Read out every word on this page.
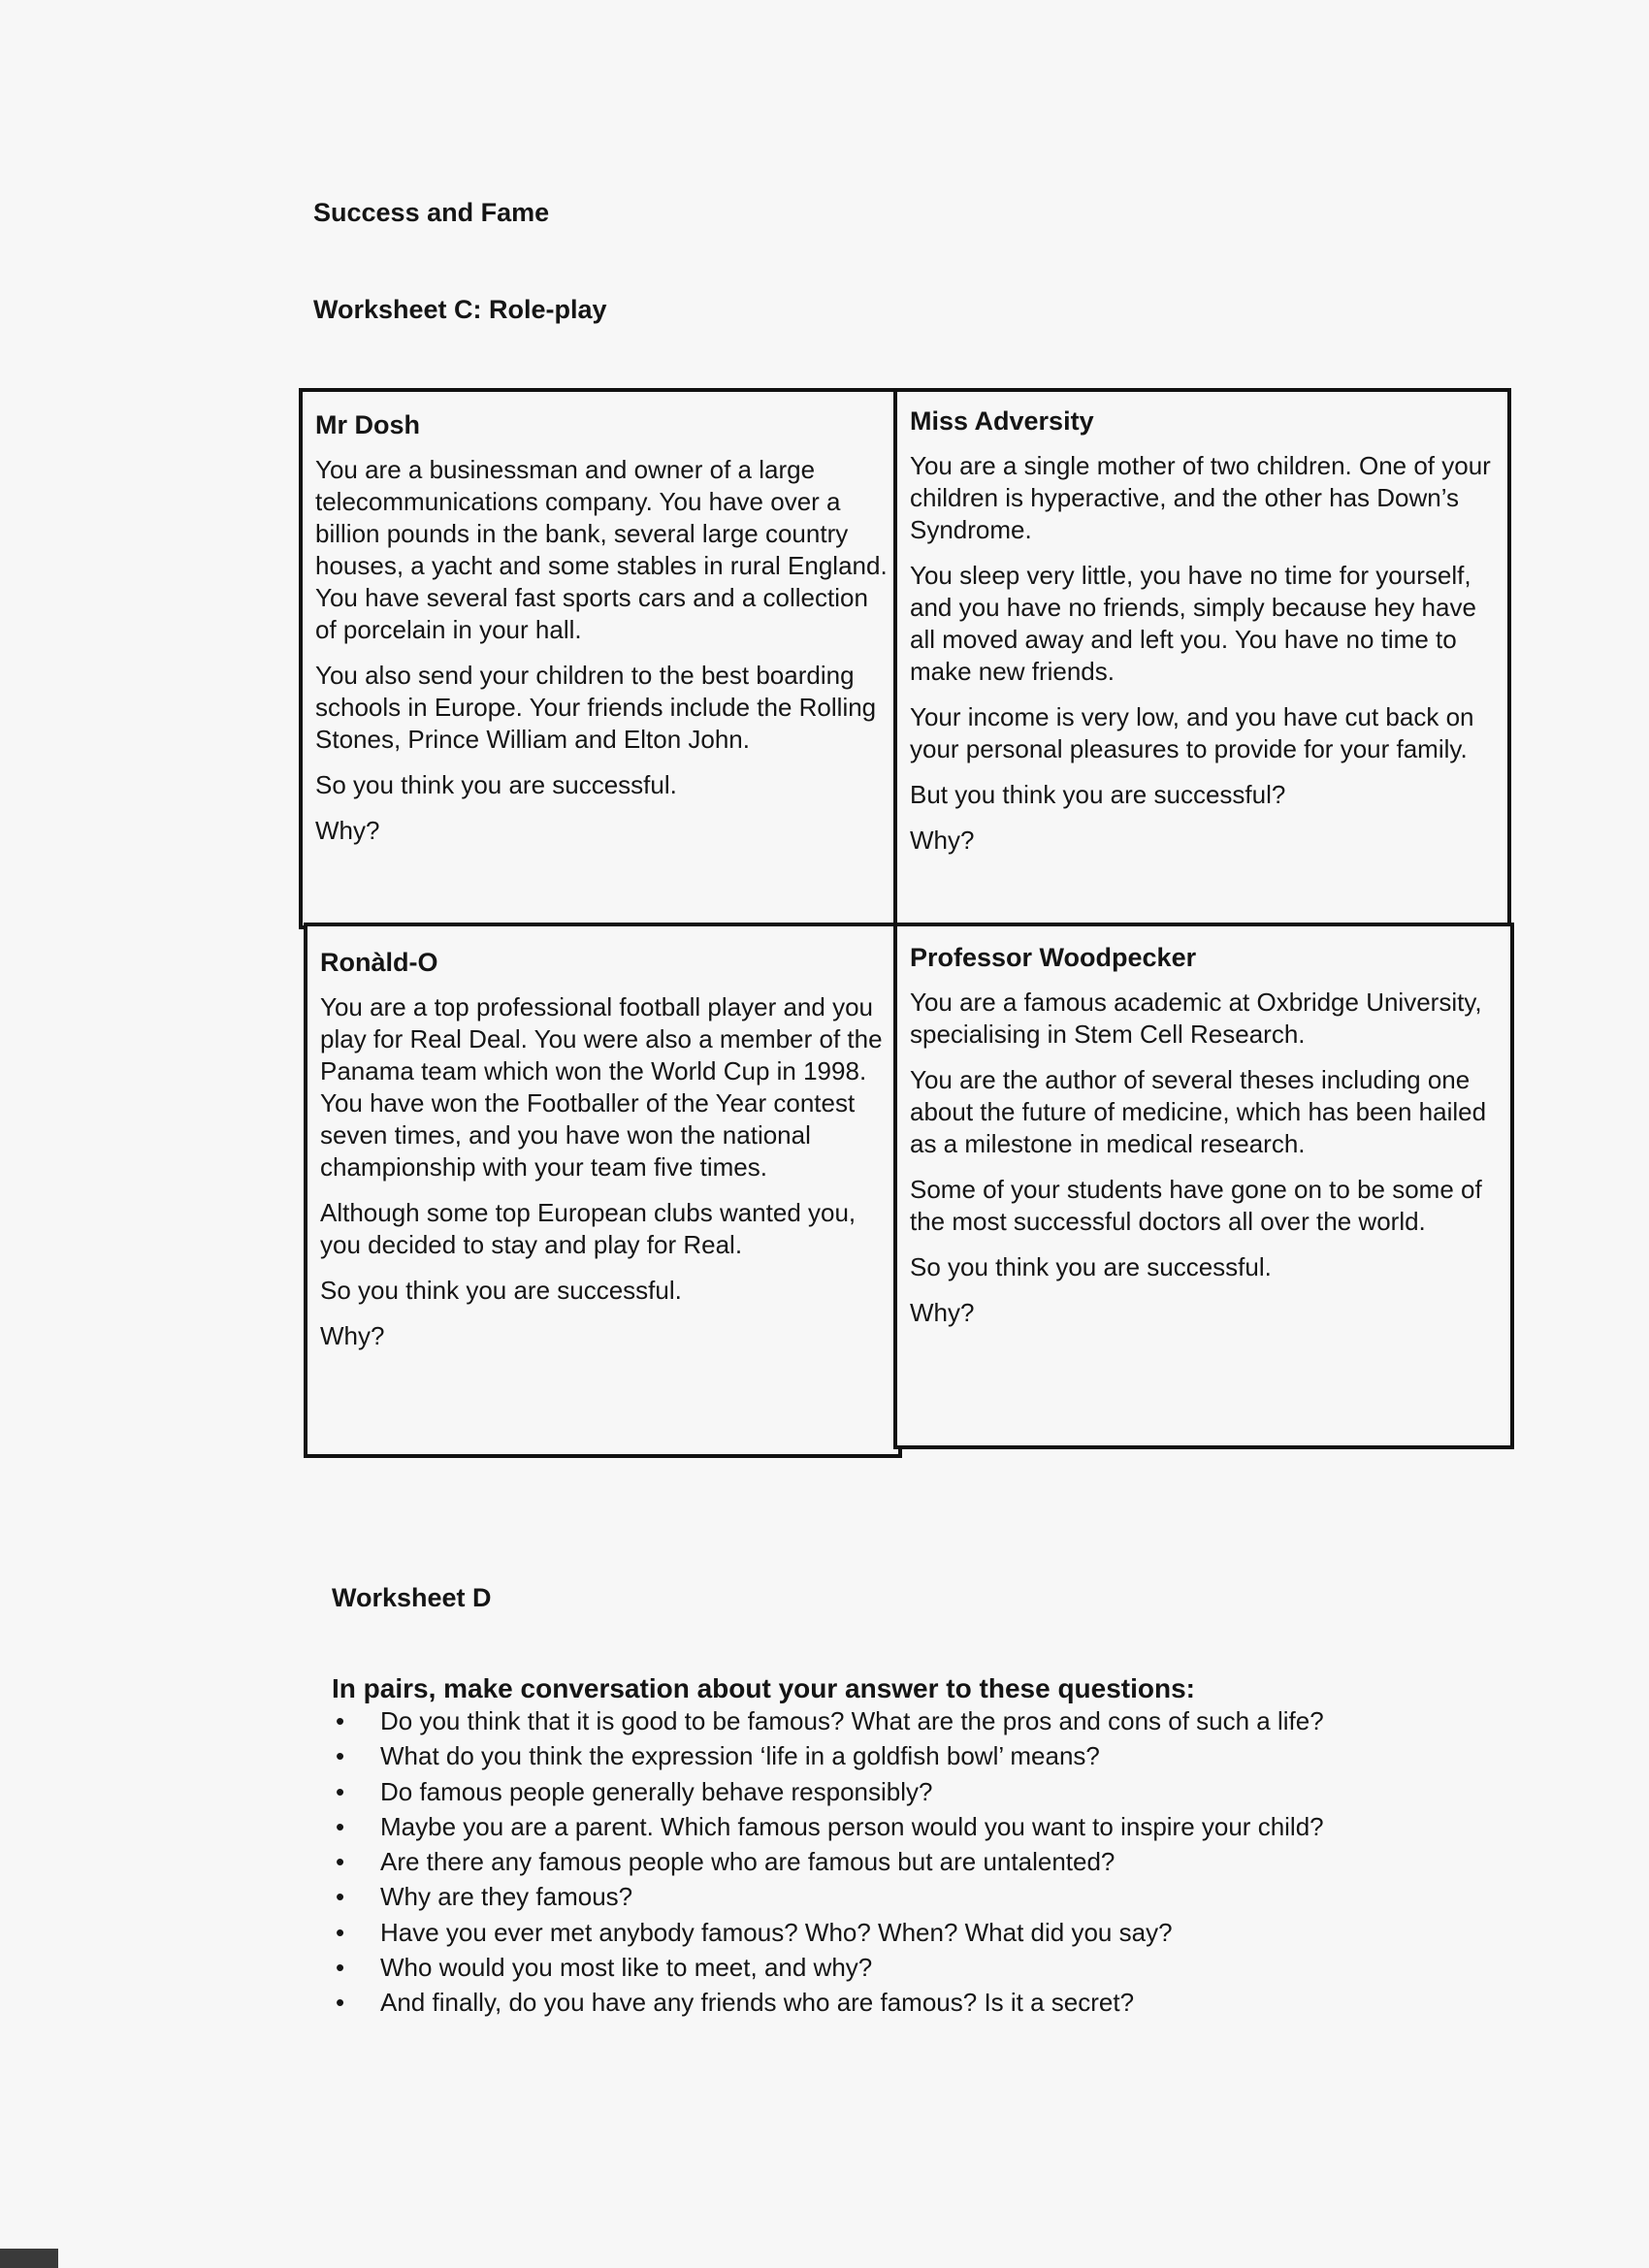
Success and Fame
Worksheet C: Role-play
Mr Dosh

You are a businessman and owner of a large telecommunications company. You have over a billion pounds in the bank, several large country houses, a yacht and some stables in rural England. You have several fast sports cars and a collection of porcelain in your hall.

You also send your children to the best boarding schools in Europe. Your friends include the Rolling Stones, Prince William and Elton John.

So you think you are successful.

Why?

Miss Adversity

You are a single mother of two children. One of your children is hyperactive, and the other has Down’s Syndrome.

You sleep very little, you have no time for yourself, and you have no friends, simply because hey have all moved away and left you. You have no time to make new friends.

Your income is very low, and you have cut back on your personal pleasures to provide for your family.

But you think you are successful?

Why?

Ronàld-O

You are a top professional football player and you play for Real Deal. You were also a member of the Panama team which won the World Cup in 1998. You have won the Footballer of the Year contest seven times, and you have won the national championship with your team five times.

Although some top European clubs wanted you, you decided to stay and play for Real.

So you think you are successful.

Why?

Professor Woodpecker

You are a famous academic at Oxbridge University, specialising in Stem Cell Research.

You are the author of several theses including one about the future of medicine, which has been hailed as a milestone in medical research.

Some of your students have gone on to be some of the most successful doctors all over the world.

So you think you are successful.

Why?

Worksheet D
In pairs, make conversation about your answer to these questions:
• Do you think that it is good to be famous? What are the pros and cons of such a life?
• What do you think the expression ‘life in a goldfish bowl’ means?
• Do famous people generally behave responsibly?
• Maybe you are a parent. Which famous person would you want to inspire your child?
• Are there any famous people who are famous but are untalented?
• Why are they famous?
• Have you ever met anybody famous? Who? When? What did you say?
• Who would you most like to meet, and why?
• And finally, do you have any friends who are famous? Is it a secret?
